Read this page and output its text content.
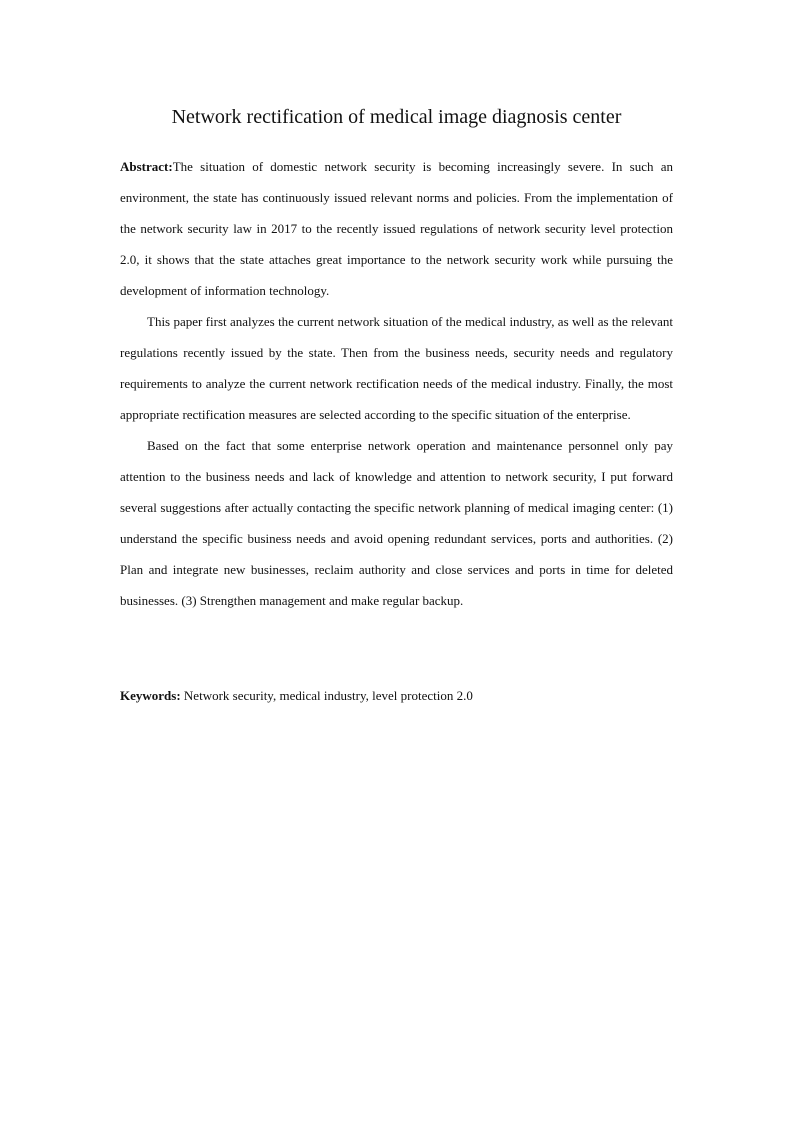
Network rectification of medical image diagnosis center

Abstract:The situation of domestic network security is becoming increasingly severe. In such an environment, the state has continuously issued relevant norms and policies. From the implementation of the network security law in 2017 to the recently issued regulations of network security level protection 2.0, it shows that the state attaches great importance to the network security work while pursuing the development of information technology.

This paper first analyzes the current network situation of the medical industry, as well as the relevant regulations recently issued by the state. Then from the business needs, security needs and regulatory requirements to analyze the current network rectification needs of the medical industry. Finally, the most appropriate rectification measures are selected according to the specific situation of the enterprise.

Based on the fact that some enterprise network operation and maintenance personnel only pay attention to the business needs and lack of knowledge and attention to network security, I put forward several suggestions after actually contacting the specific network planning of medical imaging center: (1) understand the specific business needs and avoid opening redundant services, ports and authorities. (2) Plan and integrate new businesses, reclaim authority and close services and ports in time for deleted businesses. (3) Strengthen management and make regular backup.

Keywords: Network security, medical industry, level protection 2.0
